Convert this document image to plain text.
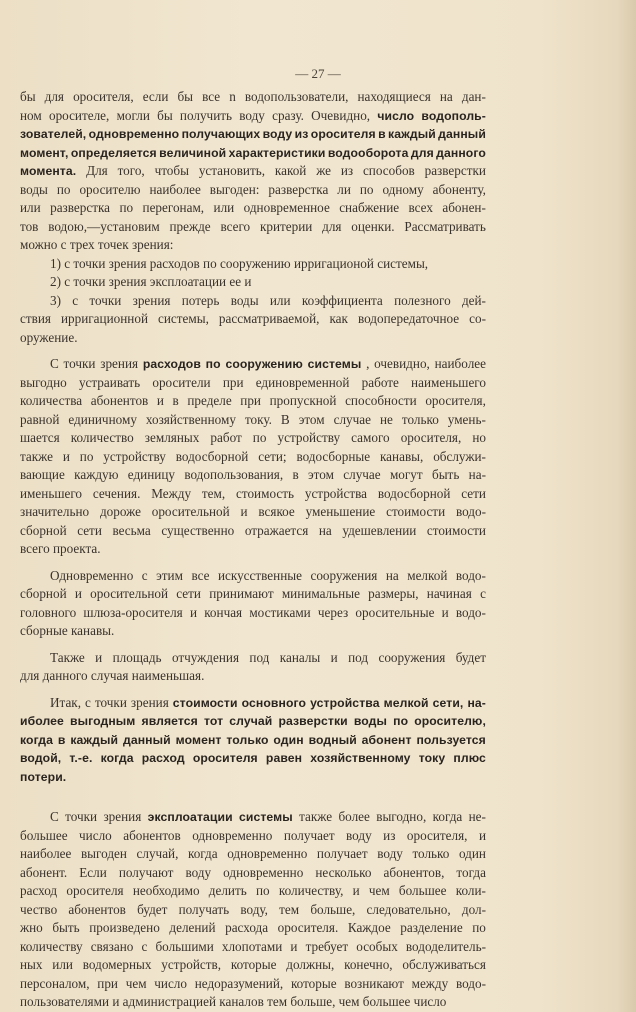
— 27 —
бы для оросителя, если бы все n водопользователи, находящиеся на дан-
ном оросителе, могли бы получить воду сразу. Очевидно, число водополь-
зователей, одновременно получающих воду из оросителя в каждый данный
момент, определяется величиной характеристики водооборота для данного
момента. Для того, чтобы установить, какой же из способов разверстки
воды по оросителю наиболее выгоден: разверстка ли по одному абоненту,
или разверстка по перегонам, или одновременное снабжение всех абонен-
тов водою,—установим прежде всего критерии для оценки. Рассматривать
можно с трех точек зрения:
1) с точки зрения расходов по сооружению ирригационой системы,
2) с точки зрения эксплоатации ее и
3) с точки зрения потерь воды или коэффициента полезного дей-
ствия ирригационной системы, рассматриваемой, как водопередаточное со-
оружение.
С точки зрения расходов по сооружению системы , очевидно, наиболее
выгодно устраивать оросители при единовременной работе наименьшего
количества абонентов и в пределе при пропускной способности оросителя,
равной единичному хозяйственному току. В этом случае не только умень-
шается количество земляных работ по устройству самого оросителя, но
также и по устройству водосборной сети; водосборные канавы, обслужи-
вающие каждую единицу водопользования, в этом случае могут быть на-
именьшего сечения. Между тем, стоимость устройства водосборной сети
значительно дороже оросительной и всякое уменьшение стоимости водо-
сборной сети весьма существенно отражается на удешевлении стоимости
всего проекта.
Одновременно с этим все искусственные сооружения на мелкой водо-
сборной и оросительной сети принимают минимальные размеры, начиная с
головного шлюза-оросителя и кончая мостиками через оросительные и водо-
сборные канавы.
Также и площадь отчуждения под каналы и под сооружения будет
для данного случая наименьшая.
Итак, с точки зрения стоимости основного устройства мелкой сети, на-
иболее выгодным является тот случай разверстки воды по оросителю,
когда в каждый данный момент только один водный абонент пользуется
водой, т.-е. когда расход оросителя равен хозяйственному току плюс
потери.
С точки зрения эксплоатации системы также более выгодно, когда не-
большее число абонентов одновременно получает воду из оросителя, и
наиболее выгоден случай, когда одновременно получает воду только один
абонент. Если получают воду одновременно несколько абонентов, тогда
расход оросителя необходимо делить по количеству, и чем большее коли-
чество абонентов будет получать воду, тем больше, следовательно, дол-
жно быть произведено делений расхода оросителя. Каждое разделение по
количеству связано с большими хлопотами и требует особых вододелитель-
ных или водомерных устройств, которые должны, конечно, обслуживаться
персоналом, при чем число недоразумений, которые возникают между водо-
пользователями и администрацией каналов тем больше, чем большее число
